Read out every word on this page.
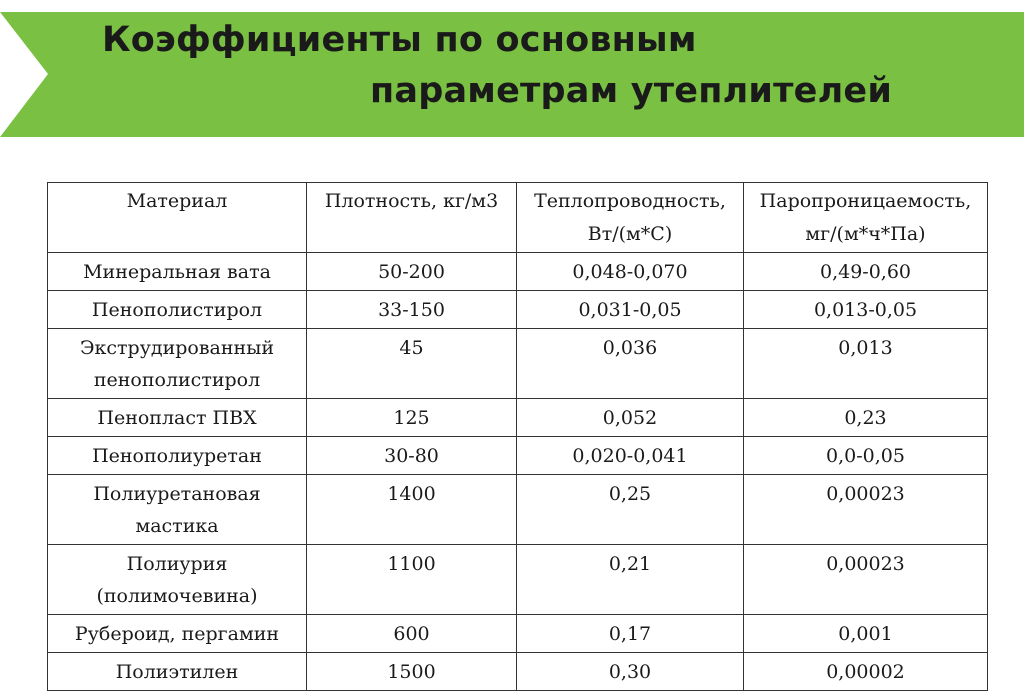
Коэффициенты по основным
параметрам утеплителей
Материал	Плотность, кг/м3	Теплопроводность, Вт/(м*С)	Паропроницаемость, мг/(м*ч*Па)
Минеральная вата	50-200	0,048-0,070	0,49-0,60
Пенополистирол	33-150	0,031-0,05	0,013-0,05
Экструдированный пенополистирол	45	0,036	0,013
Пенопласт ПВХ	125	0,052	0,23
Пенополиуретан	30-80	0,020-0,041	0,0-0,05
Полиуретановая мастика	1400	0,25	0,00023
Полиурия (полимочевина)	1100	0,21	0,00023
Рубероид, пергамин	600	0,17	0,001
Полиэтилен	1500	0,30	0,00002
